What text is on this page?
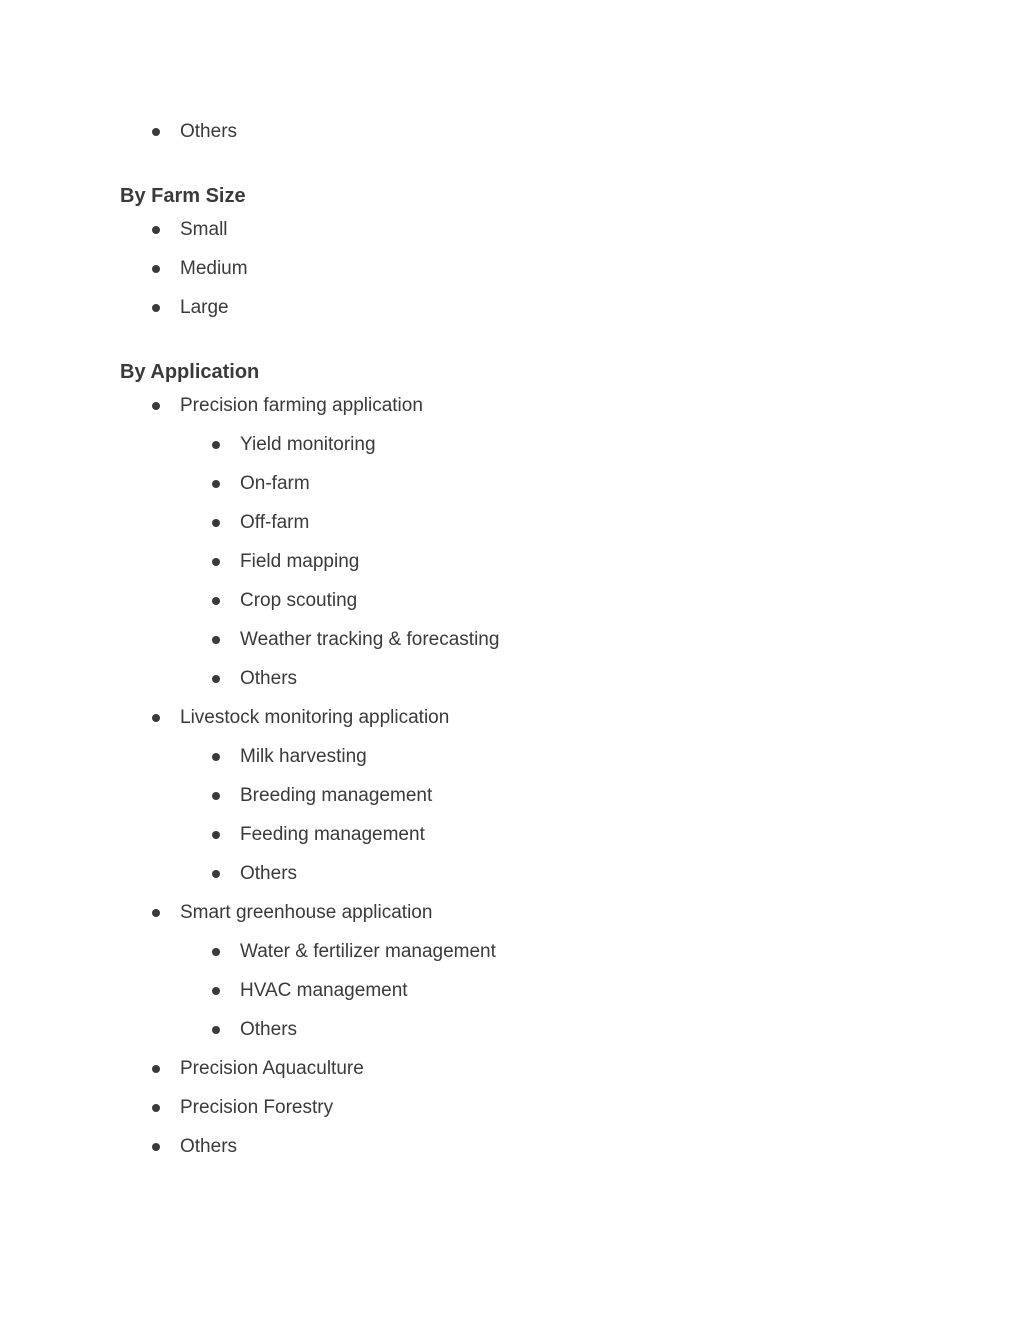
Others
By Farm Size
Small
Medium
Large
By Application
Precision farming application
Yield monitoring
On-farm
Off-farm
Field mapping
Crop scouting
Weather tracking & forecasting
Others
Livestock monitoring application
Milk harvesting
Breeding management
Feeding management
Others
Smart greenhouse application
Water & fertilizer management
HVAC management
Others
Precision Aquaculture
Precision Forestry
Others
